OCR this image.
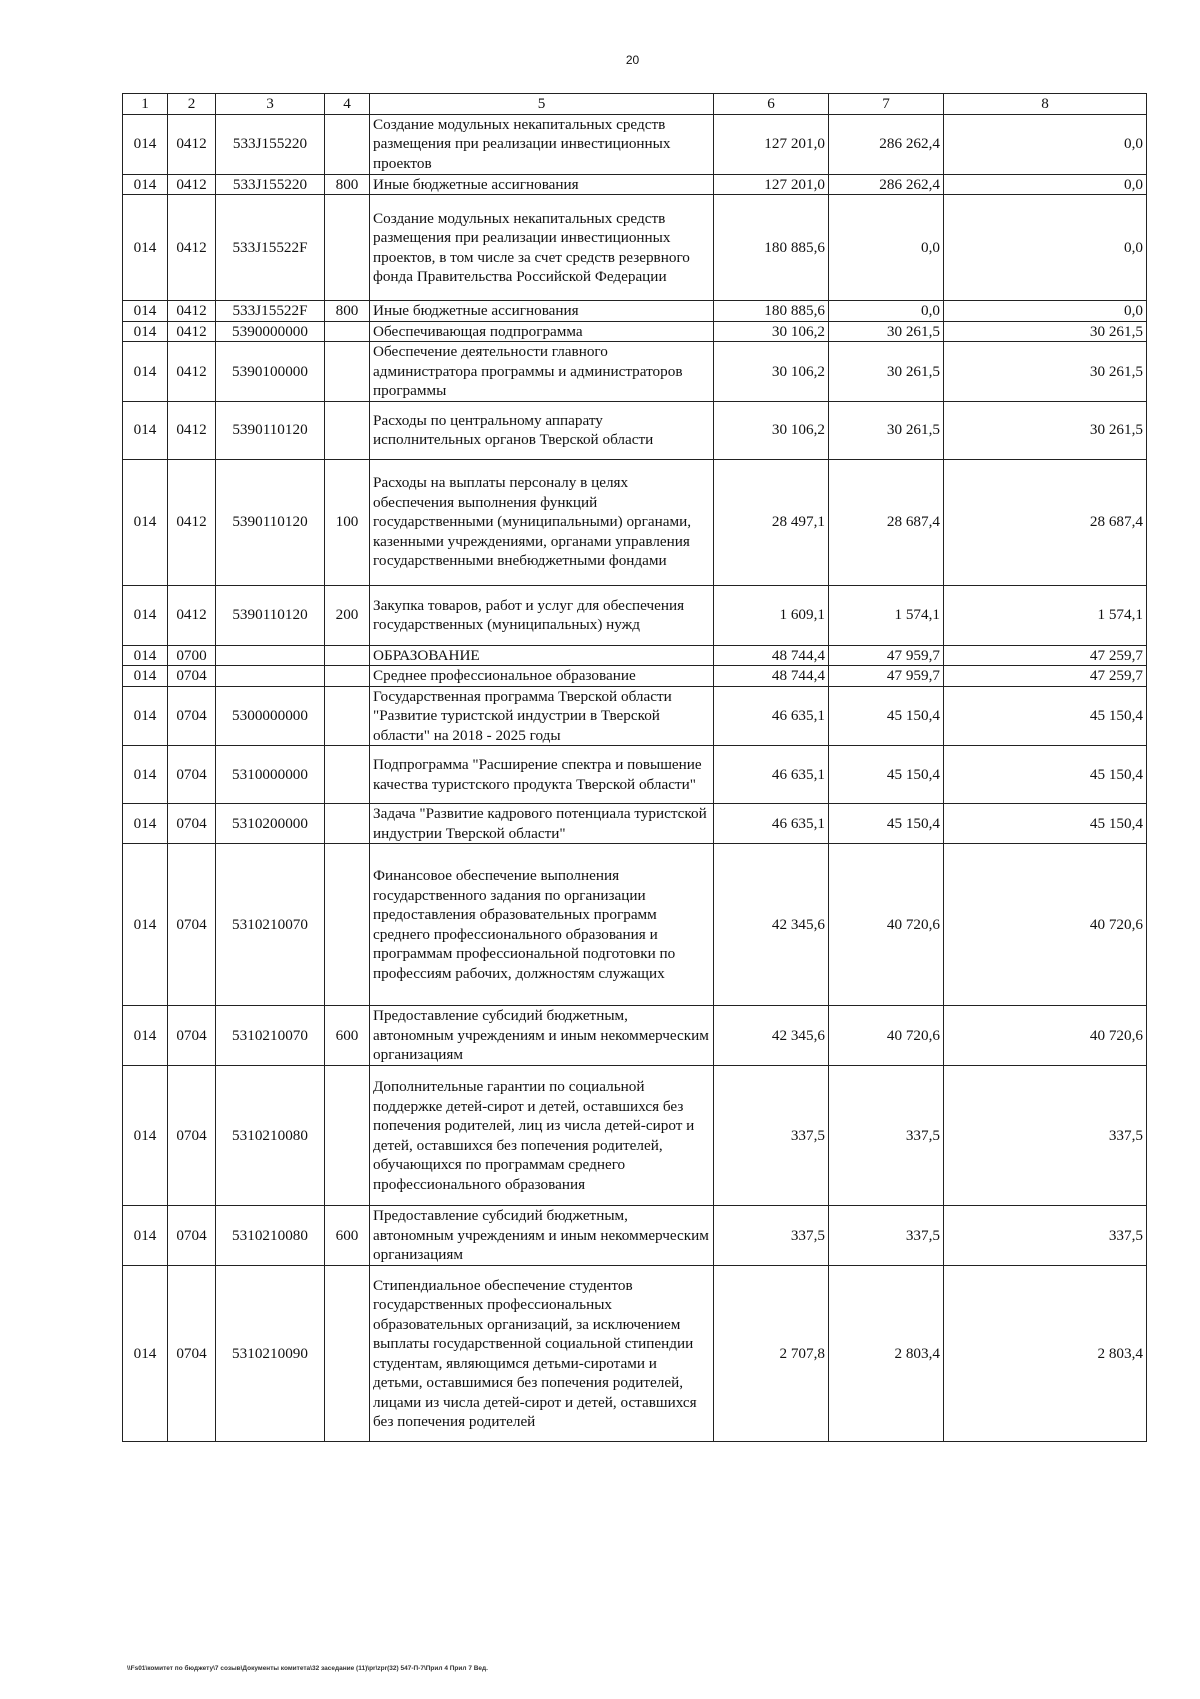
20
1	2	3	4	5	6	7	8
014	0412	533J155220		Создание модульных некапитальных средств размещения при реализации инвестиционных проектов	127 201,0	286 262,4	0,0
014	0412	533J155220	800	Иные бюджетные ассигнования	127 201,0	286 262,4	0,0
014	0412	533J15522F		Создание модульных некапитальных средств размещения при реализации инвестиционных проектов, в том числе за счет средств резервного фонда Правительства Российской Федерации	180 885,6	0,0	0,0
014	0412	533J15522F	800	Иные бюджетные ассигнования	180 885,6	0,0	0,0
014	0412	5390000000		Обеспечивающая подпрограмма	30 106,2	30 261,5	30 261,5
014	0412	5390100000		Обеспечение деятельности главного администратора программы и администраторов программы	30 106,2	30 261,5	30 261,5
014	0412	5390110120		Расходы по центральному аппарату исполнительных органов Тверской области	30 106,2	30 261,5	30 261,5
014	0412	5390110120	100	Расходы на выплаты персоналу в целях обеспечения выполнения функций государственными (муниципальными) органами, казенными учреждениями, органами управления государственными внебюджетными фондами	28 497,1	28 687,4	28 687,4
014	0412	5390110120	200	Закупка товаров, работ и услуг для обеспечения государственных (муниципальных) нужд	1 609,1	1 574,1	1 574,1
014	0700			ОБРАЗОВАНИЕ	48 744,4	47 959,7	47 259,7
014	0704			Среднее профессиональное образование	48 744,4	47 959,7	47 259,7
014	0704	5300000000		Государственная программа Тверской области "Развитие туристской индустрии в Тверской области" на 2018 - 2025 годы	46 635,1	45 150,4	45 150,4
014	0704	5310000000		Подпрограмма "Расширение спектра и повышение качества туристского продукта Тверской области"	46 635,1	45 150,4	45 150,4
014	0704	5310200000		Задача "Развитие кадрового потенциала туристской индустрии Тверской области"	46 635,1	45 150,4	45 150,4
014	0704	5310210070		Финансовое обеспечение выполнения государственного задания по организации предоставления образовательных программ среднего профессионального образования и программам профессиональной подготовки по профессиям рабочих, должностям служащих	42 345,6	40 720,6	40 720,6
014	0704	5310210070	600	Предоставление субсидий бюджетным, автономным учреждениям и иным некоммерческим организациям	42 345,6	40 720,6	40 720,6
014	0704	5310210080		Дополнительные гарантии по социальной поддержке детей-сирот и детей, оставшихся без попечения родителей, лиц из числа детей-сирот и детей, оставшихся без попечения родителей, обучающихся по программам среднего профессионального образования	337,5	337,5	337,5
014	0704	5310210080	600	Предоставление субсидий бюджетным, автономным учреждениям и иным некоммерческим организациям	337,5	337,5	337,5
014	0704	5310210090		Стипендиальное обеспечение студентов государственных профессиональных образовательных организаций, за исключением выплаты государственной социальной стипендии студентам, являющимся детьми-сиротами и детьми, оставшимися без попечения родителей, лицами из числа детей-сирот и детей, оставшихся без попечения родителей	2 707,8	2 803,4	2 803,4
\\Fs01\комитет по бюджету\7 созыв\Документы комитета\32 заседание (11)\pr\zpr(32) 547-П-7\Прил 4 Прил 7 Вед.
